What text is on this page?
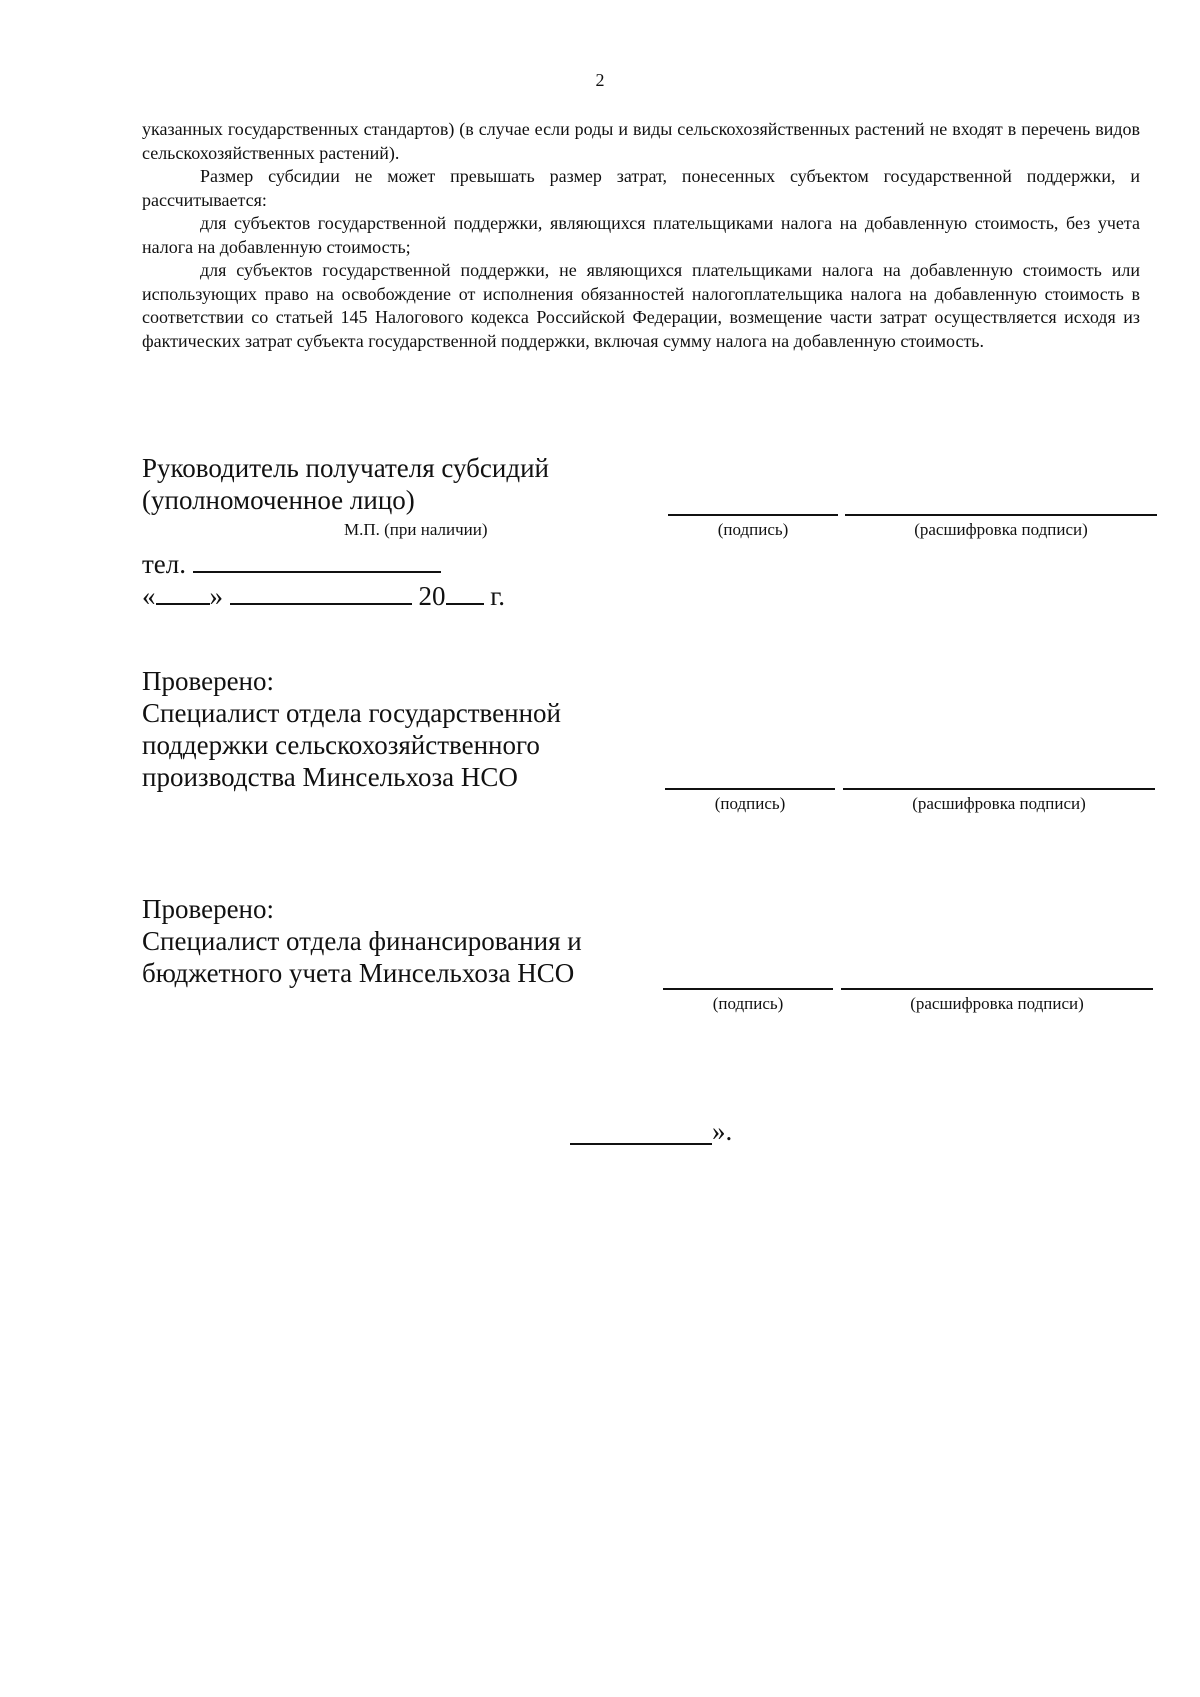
2

указанных государственных стандартов) (в случае если роды и виды сельскохозяйственных растений не входят в перечень видов сельскохозяйственных растений).

Размер субсидии не может превышать размер затрат, понесенных субъектом государственной поддержки, и рассчитывается:

для субъектов государственной поддержки, являющихся плательщиками налога на добавленную стоимость, без учета налога на добавленную стоимость;

для субъектов государственной поддержки, не являющихся плательщиками налога на добавленную стоимость или использующих право на освобождение от исполнения обязанностей налогоплательщика налога на добавленную стоимость в соответствии со статьей 145 Налогового кодекса Российской Федерации, возмещение части затрат осуществляется исходя из фактических затрат субъекта государственной поддержки, включая сумму налога на добавленную стоимость.

Руководитель получателя субсидий
(уполномоченное лицо)
М.П. (при наличии)	(подпись)	(расшифровка подписи)
тел.
« »	20 г.
Проверено:
Специалист отдела государственной
поддержки сельскохозяйственного
производства Минсельхоза НСО
(подпись)	(расшифровка подписи)
Проверено:
Специалист отдела финансирования и
бюджетного учета Минсельхоза НСО
(подпись)	(расшифровка подписи)
».
